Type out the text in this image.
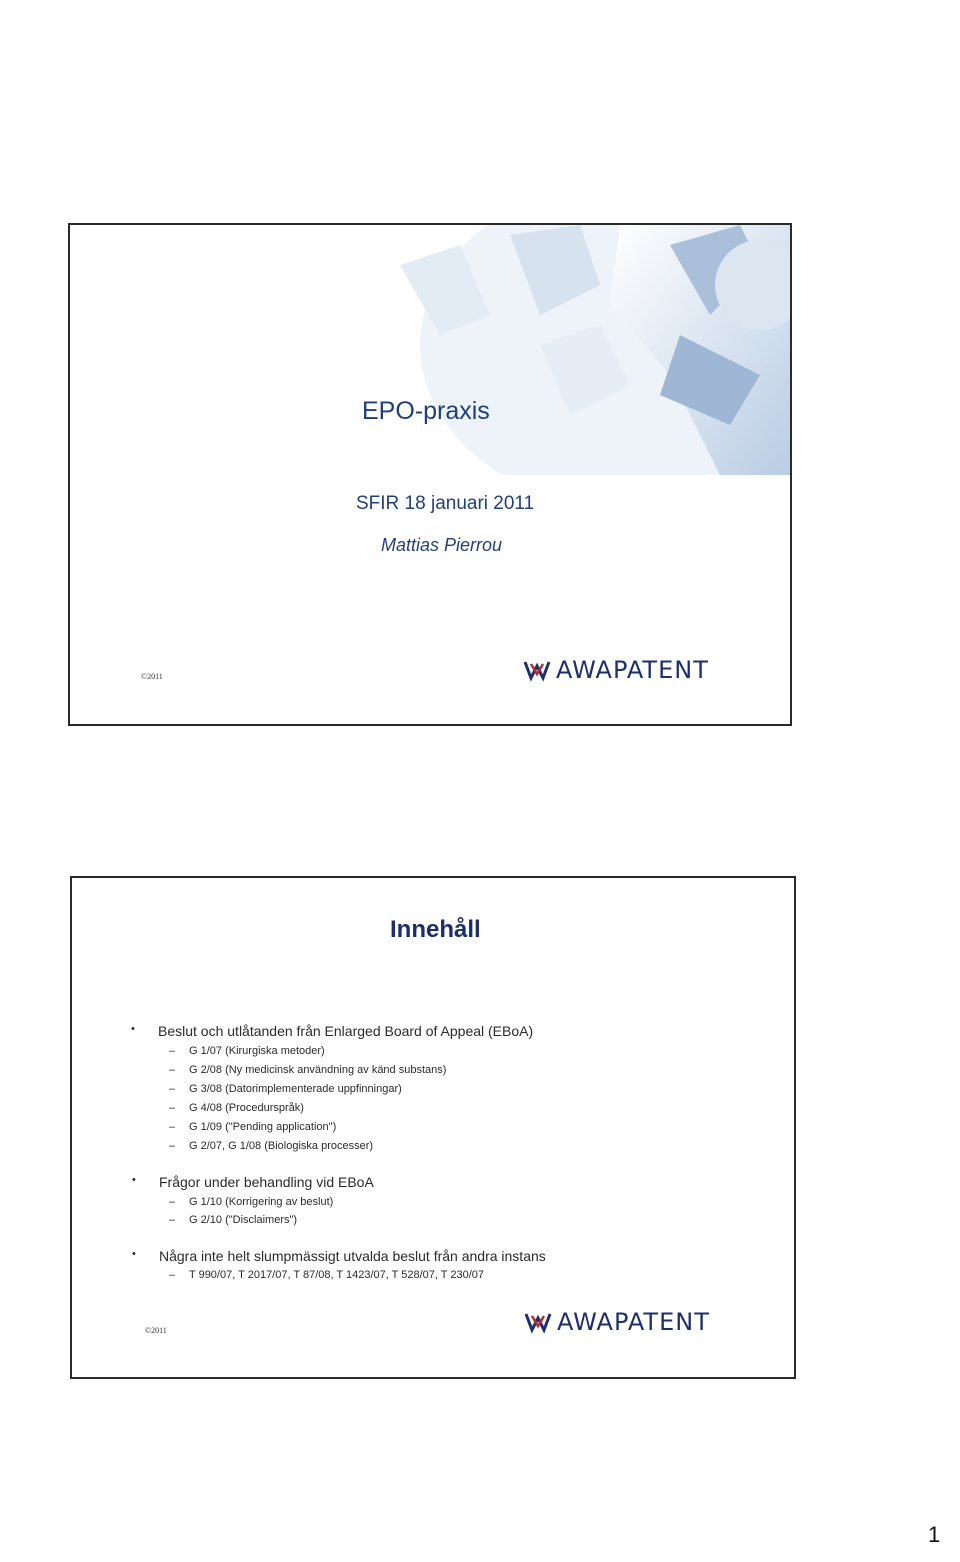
EPO-praxis
SFIR 18 januari 2011
Mattias Pierrou
©2011	AWAPATENT
Innehåll
• Beslut och utlåtanden från Enlarged Board of Appeal (EBoA)
– G 1/07 (Kirurgiska metoder)
– G 2/08 (Ny medicinsk användning av känd substans)
– G 3/08 (Datorimplementerade uppfinningar)
– G 4/08 (Procedurspråk)
– G 1/09 ("Pending application")
– G 2/07, G 1/08 (Biologiska processer)
• Frågor under behandling vid EBoA
– G 1/10 (Korrigering av beslut)
– G 2/10 ("Disclaimers")
• Några inte helt slumpmässigt utvalda beslut från andra instans
– T 990/07, T 2017/07, T 87/08, T 1423/07, T 528/07, T 230/07
©2011	AWAPATENT
1
